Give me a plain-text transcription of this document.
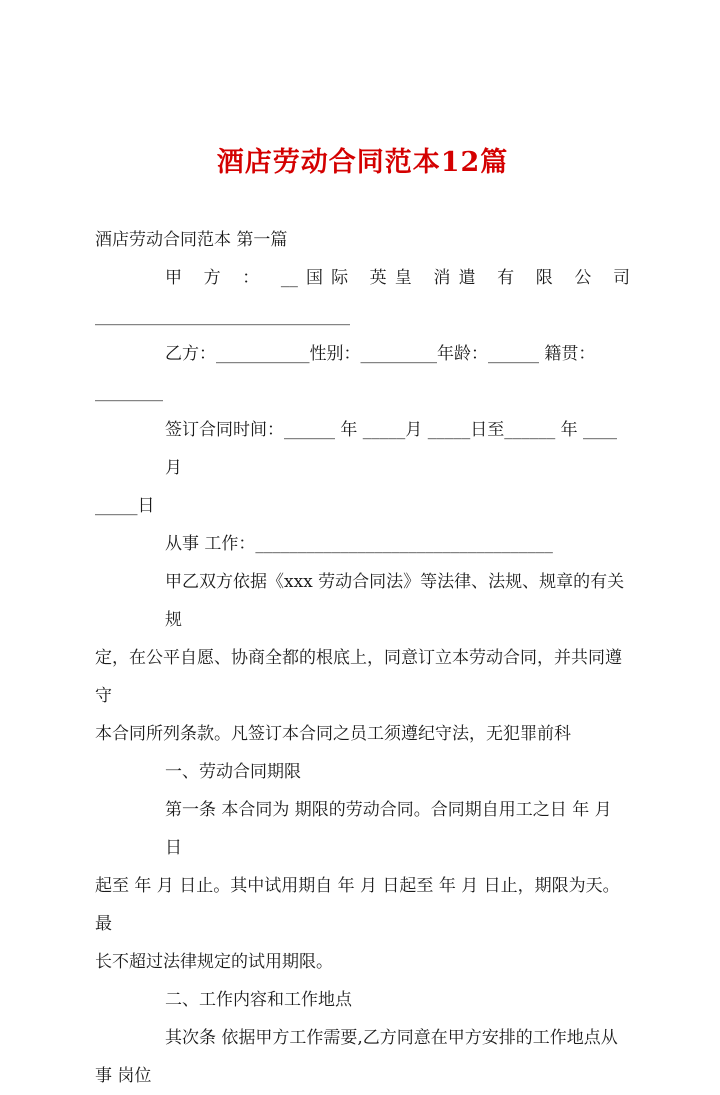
酒店劳动合同范本12篇
酒店劳动合同范本 第一篇
甲 方 ： __国际 英皇 消遣 有 限 公 司
______________________________
乙方：___________性别：_________年龄：______ 籍贯：
________
签订合同时间：______ 年 _____月 _____日至______ 年 ____月
_____日
从事 工作：___________________________________
甲乙双方依据《xxx 劳动合同法》等法律、法规、规章的有关规
定，在公平自愿、协商全都的根底上，同意订立本劳动合同，并共同遵守
本合同所列条款。凡签订本合同之员工须遵纪守法，无犯罪前科
一、劳动合同期限
第一条 本合同为 期限的劳动合同。合同期自用工之日 年 月 日
起至 年 月 日止。其中试用期自 年 月 日起至 年 月 日止，期限为天。最
长不超过法律规定的试用期限。
二、工作内容和工作地点
其次条 依据甲方工作需要,乙方同意在甲方安排的工作地点从
事 岗位
